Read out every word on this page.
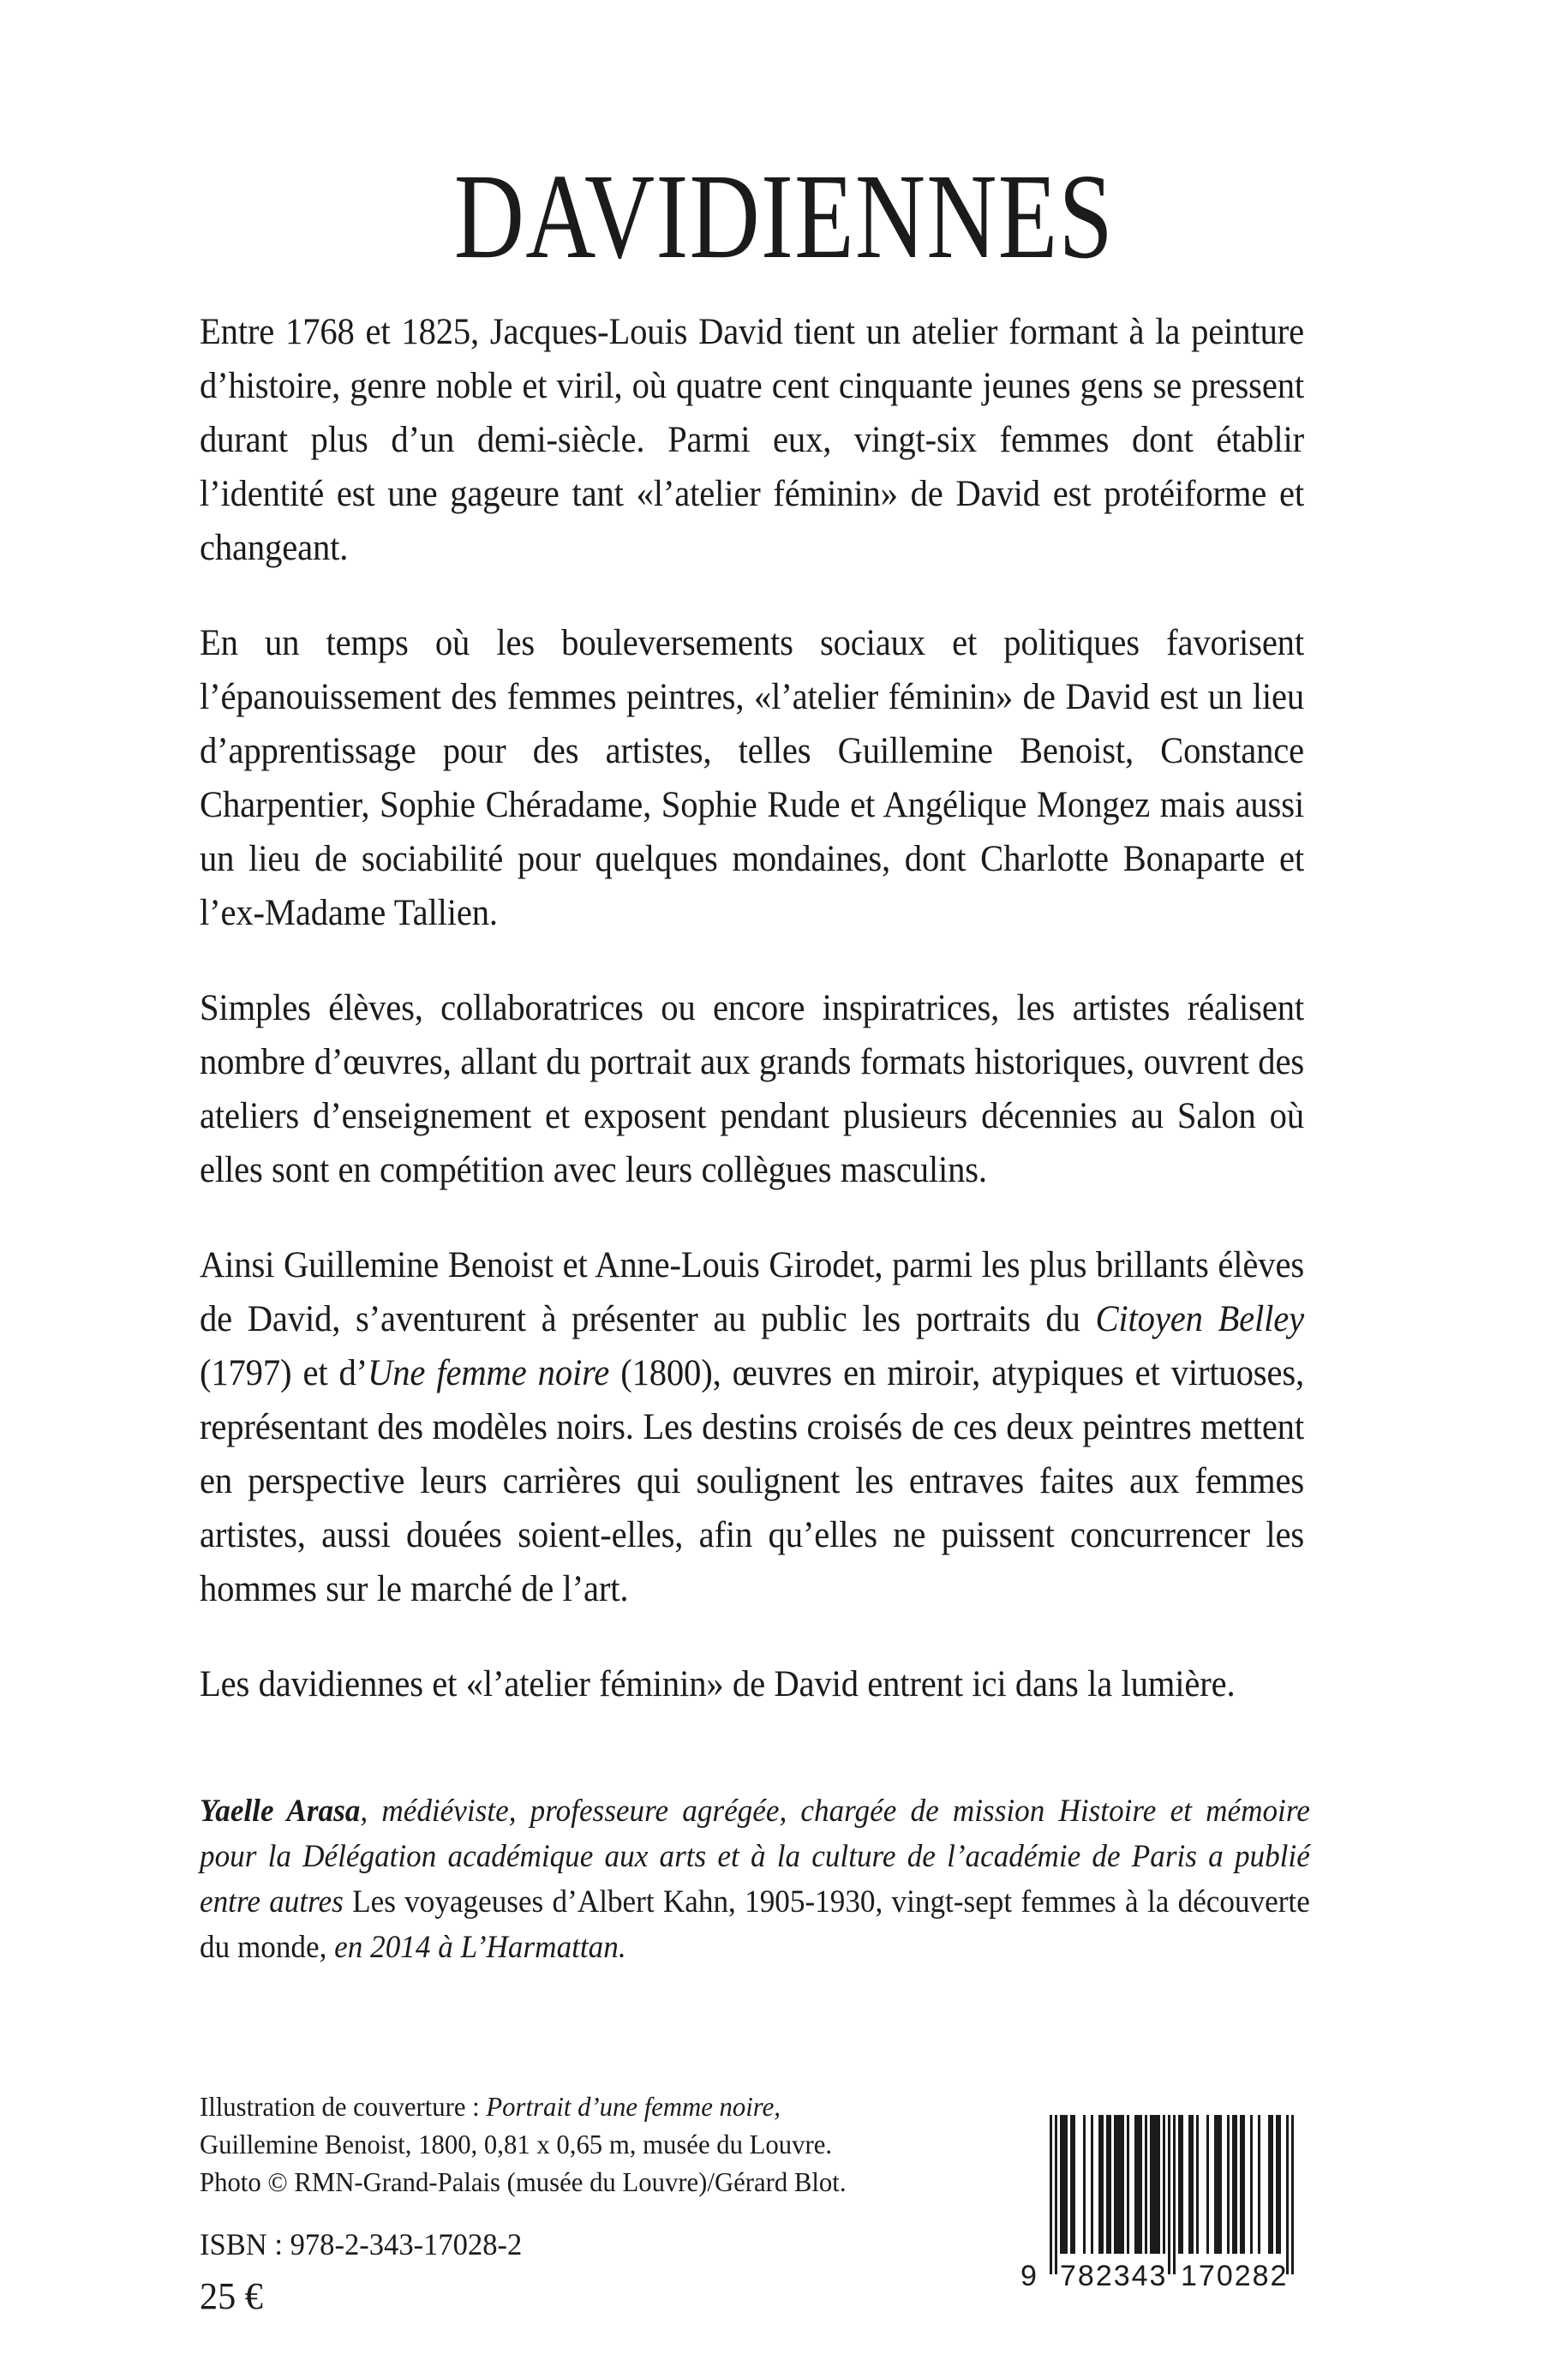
DAVIDIENNES

Entre 1768 et 1825, Jacques-Louis David tient un atelier formant à la peinture d’histoire, genre noble et viril, où quatre cent cinquante jeunes gens se pressent durant plus d’un demi-siècle. Parmi eux, vingt-six femmes dont établir l’identité est une gageure tant «l’atelier féminin» de David est protéiforme et changeant.

En un temps où les bouleversements sociaux et politiques favorisent l’épanouissement des femmes peintres, «l’atelier féminin» de David est un lieu d’apprentissage pour des artistes, telles Guillemine Benoist, Constance Charpentier, Sophie Chéradame, Sophie Rude et Angélique Mongez mais aussi un lieu de sociabilité pour quelques mondaines, dont Charlotte Bonaparte et l’ex-Madame Tallien.

Simples élèves, collaboratrices ou encore inspiratrices, les artistes réalisent nombre d’œuvres, allant du portrait aux grands formats historiques, ouvrent des ateliers d’enseignement et exposent pendant plusieurs décennies au Salon où elles sont en compétition avec leurs collègues masculins.

Ainsi Guillemine Benoist et Anne-Louis Girodet, parmi les plus brillants élèves de David, s’aventurent à présenter au public les portraits du Citoyen Belley (1797) et d’Une femme noire (1800), œuvres en miroir, atypiques et virtuoses, représentant des modèles noirs. Les destins croisés de ces deux peintres mettent en perspective leurs carrières qui soulignent les entraves faites aux femmes artistes, aussi douées soient-elles, afin qu’elles ne puissent concurrencer les hommes sur le marché de l’art.

Les davidiennes et «l’atelier féminin» de David entrent ici dans la lumière.

Yaelle Arasa, médiéviste, professeure agrégée, chargée de mission Histoire et mémoire pour la Délégation académique aux arts et à la culture de l’académie de Paris a publié entre autres Les voyageuses d’Albert Kahn, 1905-1930, vingt-sept femmes à la découverte du monde, en 2014 à L’Harmattan.

Illustration de couverture : Portrait d’une femme noire,
Guillemine Benoist, 1800, 0,81 x 0,65 m, musée du Louvre.
Photo © RMN-Grand-Palais (musée du Louvre)/Gérard Blot.

ISBN : 978-2-343-17028-2

25 €	9 782343 170282
